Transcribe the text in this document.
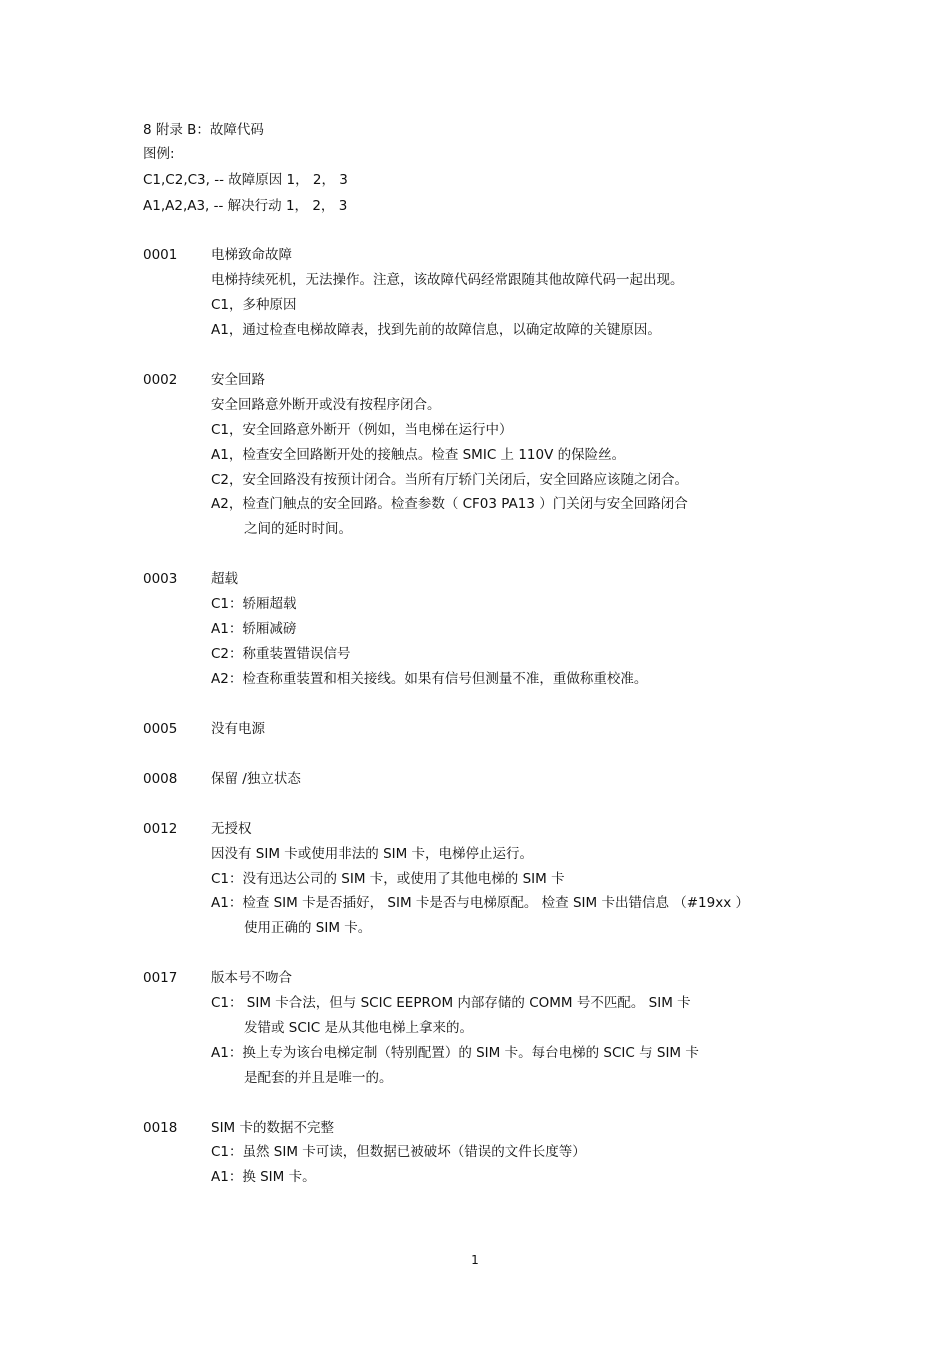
8 附录 B：故障代码
图例:
C1,C2,C3, -- 故障原因 1， 2， 3
A1,A2,A3, -- 解决行动 1， 2， 3
0001 电梯致命故障
电梯持续死机，无法操作。注意，该故障代码经常跟随其他故障代码一起出现。
C1，多种原因
A1，通过检查电梯故障表，找到先前的故障信息，以确定故障的关键原因。
0002 安全回路
安全回路意外断开或没有按程序闭合。
C1，安全回路意外断开（例如，当电梯在运行中）
A1，检查安全回路断开处的接触点。检查 SMIC 上 110V 的保险丝。
C2，安全回路没有按预计闭合。当所有厅轿门关闭后，安全回路应该随之闭合。
A2，检查门触点的安全回路。检查参数（ CF03 PA13 ）门关闭与安全回路闭合
之间的延时时间。
0003 超载
C1：轿厢超载
A1：轿厢减磅
C2：称重装置错误信号
A2：检查称重装置和相关接线。如果有信号但测量不准，重做称重校准。
0005 没有电源
0008 保留 /独立状态
0012 无授权
因没有 SIM 卡或使用非法的 SIM 卡，电梯停止运行。
C1：没有迅达公司的 SIM 卡，或使用了其他电梯的 SIM 卡
A1：检查 SIM 卡是否插好， SIM 卡是否与电梯原配。 检查 SIM 卡出错信息 （#19xx ）
使用正确的 SIM 卡。
0017 版本号不吻合
C1： SIM 卡合法，但与 SCIC EEPROM 内部存储的 COMM 号不匹配。 SIM 卡
发错或 SCIC 是从其他电梯上拿来的。
A1：换上专为该台电梯定制（特别配置）的 SIM 卡。每台电梯的 SCIC 与 SIM 卡
是配套的并且是唯一的。
0018 SIM 卡的数据不完整
C1：虽然 SIM 卡可读，但数据已被破坏（错误的文件长度等）
A1：换 SIM 卡。
1
